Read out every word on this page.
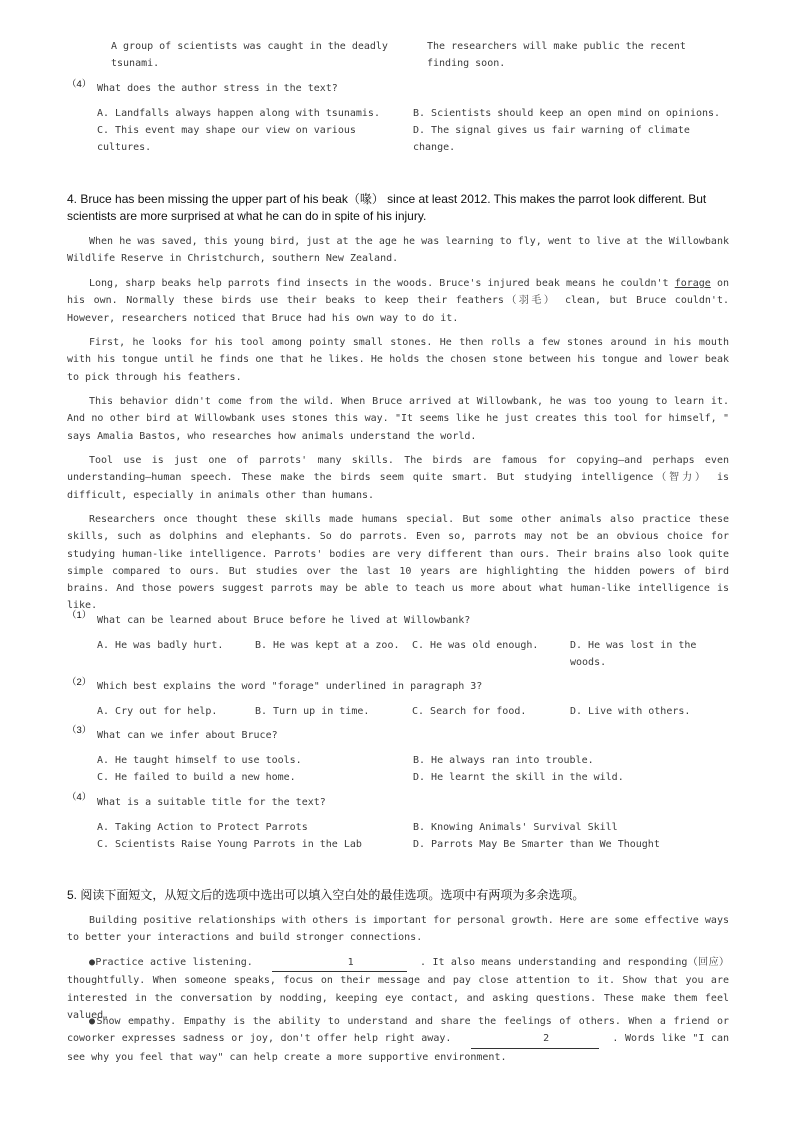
A group of scientists was caught in the deadly tsunami.
The researchers will make public the recent finding soon.
（4） What does the author stress in the text?
A. Landfalls always happen along with tsunamis.	B. Scientists should keep an open mind on opinions.
C. This event may shape our view on various cultures.
D. The signal gives us fair warning of climate change.
4. Bruce has been missing the upper part of his beak（喙） since at least 2012. This makes the parrot look different. But scientists are more surprised at what he can do in spite of his injury.

When he was saved, this young bird, just at the age he was learning to fly, went to live at the Willowbank Wildlife Reserve in Christchurch, southern New Zealand.

Long, sharp beaks help parrots find insects in the woods. Bruce's injured beak means he couldn't forage on his own. Normally these birds use their beaks to keep their feathers（羽毛） clean, but Bruce couldn't. However, researchers noticed that Bruce had his own way to do it.

First, he looks for his tool among pointy small stones. He then rolls a few stones around in his mouth with his tongue until he finds one that he likes. He holds the chosen stone between his tongue and lower beak to pick through his feathers.

This behavior didn't come from the wild. When Bruce arrived at Willowbank, he was too young to learn it. And no other bird at Willowbank uses stones this way. "It seems like he just creates this tool for himself, " says Amalia Bastos, who researches how animals understand the world.

Tool use is just one of parrots' many skills. The birds are famous for copying—and perhaps even understanding—human speech. These make the birds seem quite smart. But studying intelligence（智力） is difficult, especially in animals other than humans.

Researchers once thought these skills made humans special. But some other animals also practice these skills, such as dolphins and elephants. So do parrots. Even so, parrots may not be an obvious choice for studying human-like intelligence. Parrots' bodies are very different than ours. Their brains also look quite simple compared to ours. But studies over the last 10 years are highlighting the hidden powers of bird brains. And those powers suggest parrots may be able to teach us more about what human-like intelligence is like.

（1） What can be learned about Bruce before he lived at Willowbank?
A. He was badly hurt.	B. He was kept at a zoo. C. He was old enough.	D. He was lost in the woods.
（2） Which best explains the word "forage" underlined in paragraph 3?
A. Cry out for help.	B. Turn up in time.	C. Search for food.	D. Live with others.
（3） What can we infer about Bruce?
A. He taught himself to use tools.	B. He always ran into trouble.
C. He failed to build a new home.	D. He learnt the skill in the wild.
（4） What is a suitable title for the text?
A. Taking Action to Protect Parrots	B. Knowing Animals' Survival Skill
C. Scientists Raise Young Parrots in the Lab	D. Parrots May Be Smarter than We Thought
5. 阅读下面短文，从短文后的选项中选出可以填入空白处的最佳选项。选项中有两项为多余选项。

Building positive relationships with others is important for personal growth. Here are some effective ways to better your interactions and build stronger connections.

●Practice active listening.	1	. It also means understanding and responding（回应） thoughtfully. When someone speaks, focus on their message and pay close attention to it. Show that you are interested in the conversation by nodding, keeping eye contact, and asking questions. These make them feel valued.

●Show empathy. Empathy is the ability to understand and share the feelings of others. When a friend or coworker expresses sadness or joy, don't offer help right away.	2	. Words like "I can see why you feel that way" can help create a more supportive environment.
